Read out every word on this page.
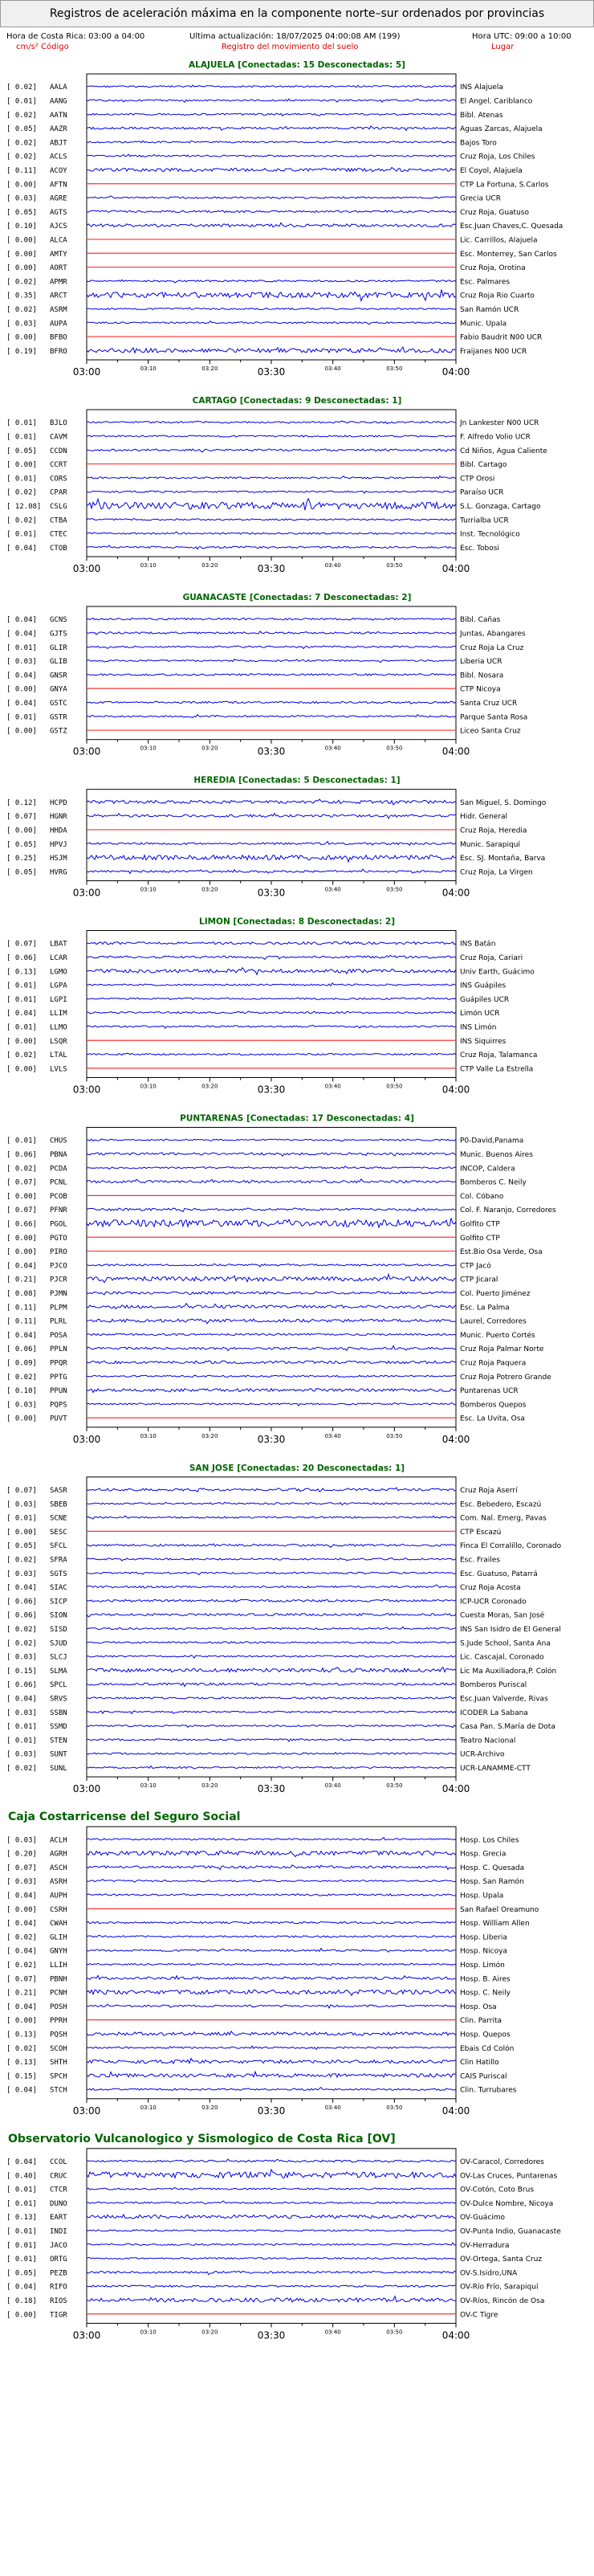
Registros de aceleración máxima en la componente norte–sur ordenados por provincias
Hora de Costa Rica: 03:00 a 04:00
cm/s² Código
Ultima actualización: 18/07/2025 04:00:08 AM (199)
Registro del movimiento del suelo
Hora UTC: 09:00 a 10:00
Lugar
ALAJUELA [Conectadas: 15 Desconectadas: 5]
[ 0.02] AALA	INS Alajuela
[ 0.01] AANG	El Angel, Cariblanco
[ 0.02] AATN	Bibl. Atenas
[ 0.05] AAZR	Aguas Zarcas, Alajuela
[ 0.02] ABJT	Bajos Toro
[ 0.02] ACLS	Cruz Roja, Los Chiles
[ 0.11] ACOY	El Coyol, Alajuela
[ 0.00] AFTN	CTP La Fortuna, S.Carlos
[ 0.03] AGRE	Grecia UCR
[ 0.05] AGTS	Cruz Roja, Guatuso
[ 0.10] AJCS	Esc.Juan Chaves,C. Quesada
[ 0.00] ALCA	Lic. Carrillos, Alajuela
[ 0.00] AMTY	Esc. Monterrey, San Carlos
[ 0.00] AORT	Cruz Roja, Orotina
[ 0.02] APMR	Esc. Palmares
[ 0.35] ARCT	Cruz Roja Rio Cuarto
[ 0.02] ASRM	San Ramón UCR
[ 0.03] AUPA	Munic. Upala
[ 0.00] BFBO	Fabio Baudrit N00 UCR
[ 0.19] BFRO	Fraijanes N00 UCR
03:00	03:30	04:00
03:10	03:20	03:40	03:50
CARTAGO [Conectadas: 9 Desconectadas: 1]
[ 0.01] BJLO	Jn Lankester N00 UCR
[ 0.01] CAVM	F. Alfredo Volio UCR
[ 0.05] CCDN	Cd Niños, Agua Caliente
[ 0.00] CCRT	Bibl. Cartago
[ 0.01] CORS	CTP Orosi
[ 0.02] CPAR	Paraíso UCR
[ 12.08] CSLG	S.L. Gonzaga, Cartago
[ 0.02] CTBA	Turrialba UCR
[ 0.01] CTEC	Inst. Tecnológico
[ 0.04] CTOB	Esc. Tobosi
03:00	03:30	04:00
03:10	03:20	03:40	03:50
GUANACASTE [Conectadas: 7 Desconectadas: 2]
[ 0.04] GCNS	Bibl. Cañas
[ 0.04] GJTS	Juntas, Abangares
[ 0.01] GLIR	Cruz Roja La Cruz
[ 0.03] GLIB	Liberia UCR
[ 0.04] GNSR	Bibl. Nosara
[ 0.00] GNYA	CTP Nicoya
[ 0.04] GSTC	Santa Cruz UCR
[ 0.01] GSTR	Parque Santa Rosa
[ 0.00] GSTZ	Liceo Santa Cruz
03:00	03:30	04:00
03:10	03:20	03:40	03:50
HEREDIA [Conectadas: 5 Desconectadas: 1]
[ 0.12] HCPD	San Miguel, S. Domingo
[ 0.07] HGNR	Hidr. General
[ 0.00] HHDA	Cruz Roja, Heredia
[ 0.05] HPVJ	Munic. Sarapiquí
[ 0.25] HSJM	Esc. SJ. Montaña, Barva
[ 0.05] HVRG	Cruz Roja, La Virgen
03:00	03:30	04:00
03:10	03:20	03:40	03:50
LIMON [Conectadas: 8 Desconectadas: 2]
[ 0.07] LBAT	INS Batán
[ 0.06] LCAR	Cruz Roja, Cariari
[ 0.13] LGMO	Univ Earth, Guácimo
[ 0.01] LGPA	INS Guápiles
[ 0.01] LGPI	Guápiles UCR
[ 0.04] LLIM	Limón UCR
[ 0.01] LLMO	INS Limón
[ 0.00] LSQR	INS Siquirres
[ 0.02] LTAL	Cruz Roja, Talamanca
[ 0.00] LVLS	CTP Valle La Estrella
03:00	03:30	04:00
03:10	03:20	03:40	03:50
PUNTARENAS [Conectadas: 17 Desconectadas: 4]
[ 0.01] CHUS	P0-David,Panama
[ 0.06] PBNA	Munic. Buenos Aires
[ 0.02] PCDA	INCOP, Caldera
[ 0.07] PCNL	Bomberos C. Neily
[ 0.00] PCOB	Col. Cóbano
[ 0.07] PFNR	Col. F. Naranjo, Corredores
[ 0.66] PGOL	Golfito CTP
[ 0.00] PGTO	Golfito CTP
[ 0.00] PIRO	Est.Bio Osa Verde, Osa
[ 0.04] PJCO	CTP Jacó
[ 0.21] PJCR	CTP Jicaral
[ 0.08] PJMN	Col. Puerto Jiménez
[ 0.11] PLPM	Esc. La Palma
[ 0.11] PLRL	Laurel, Corredores
[ 0.04] POSA	Munic. Puerto Cortés
[ 0.06] PPLN	Cruz Roja Palmar Norte
[ 0.09] PPQR	Cruz Roja Paquera
[ 0.02] PPTG	Cruz Roja Potrero Grande
[ 0.10] PPUN	Puntarenas UCR
[ 0.03] PQPS	Bomberos Quepos
[ 0.00] PUVT	Esc. La Uvita, Osa
03:00	03:30	04:00
03:10	03:20	03:40	03:50
SAN JOSE [Conectadas: 20 Desconectadas: 1]
[ 0.07] SASR	Cruz Roja Aserrí
[ 0.03] SBEB	Esc. Bebedero, Escazú
[ 0.01] SCNE	Com. Nal. Emerg, Pavas
[ 0.00] SESC	CTP Escazú
[ 0.05] SFCL	Finca El Corralillo, Coronado
[ 0.02] SFRA	Esc. Frailes
[ 0.03] SGTS	Esc. Guatuso, Patarrá
[ 0.04] SIAC	Cruz Roja Acosta
[ 0.06] SICP	ICP-UCR Coronado
[ 0.06] SION	Cuesta Moras, San José
[ 0.02] SISD	INS San Isidro de El General
[ 0.02] SJUD	S.Jude School, Santa Ana
[ 0.03] SLCJ	Lic. Cascajal, Coronado
[ 0.15] SLMA	Lic Ma Auxiliadora,P. Colón
[ 0.06] SPCL	Bomberos Puriscal
[ 0.04] SRVS	Esc.Juan Valverde, Rivas
[ 0.03] SSBN	ICODER La Sabana
[ 0.01] SSMD	Casa Pan. S.María de Dota
[ 0.01] STEN	Teatro Nacional
[ 0.03] SUNT	UCR-Archivo
[ 0.02] SUNL	UCR-LANAMME-CTT
03:00	03:30	04:00
03:10	03:20	03:40	03:50
Caja Costarricense del Seguro Social
[ 0.03] ACLH	Hosp. Los Chiles
[ 0.20] AGRH	Hosp. Grecia
[ 0.07] ASCH	Hosp. C. Quesada
[ 0.03] ASRH	Hosp. San Ramón
[ 0.04] AUPH	Hosp. Upala
[ 0.00] CSRH	San Rafael Oreamuno
[ 0.04] CWAH	Hosp. William Allen
[ 0.02] GLIH	Hosp. Liberia
[ 0.04] GNYH	Hosp. Nicoya
[ 0.02] LLIH	Hosp. Limón
[ 0.07] PBNH	Hosp. B. Aires
[ 0.21] PCNH	Hosp. C. Neily
[ 0.04] POSH	Hosp. Osa
[ 0.00] PPRH	Clin. Parrita
[ 0.13] PQSH	Hosp. Quepos
[ 0.02] SCOH	Ebais Cd Colón
[ 0.13] SHTH	Clin Hatillo
[ 0.15] SPCH	CAIS Puriscal
[ 0.04] STCH	Clin. Turrubares
03:00	03:30	04:00
03:10	03:20	03:40	03:50
Observatorio Vulcanologico y Sismologico de Costa Rica [OV]
[ 0.04] CCOL	OV-Caracol, Corredores
[ 0.40] CRUC	OV-Las Cruces, Puntarenas
[ 0.01] CTCR	OV-Cotón, Coto Brus
[ 0.01] DUNO	OV-Dulce Nombre, Nicoya
[ 0.13] EART	OV-Guácimo
[ 0.01] INDI	OV-Punta Indio, Guanacaste
[ 0.01] JACO	OV-Herradura
[ 0.01] ORTG	OV-Ortega, Santa Cruz
[ 0.05] PEZB	OV-S.Isidro,UNA
[ 0.04] RIFO	OV-Río Frío, Sarapiquí
[ 0.18] RIOS	OV-Ríos, Rincón de Osa
[ 0.00] TIGR	OV-C Tigre
03:00	03:30	04:00
03:10	03:20	03:40	03:50
